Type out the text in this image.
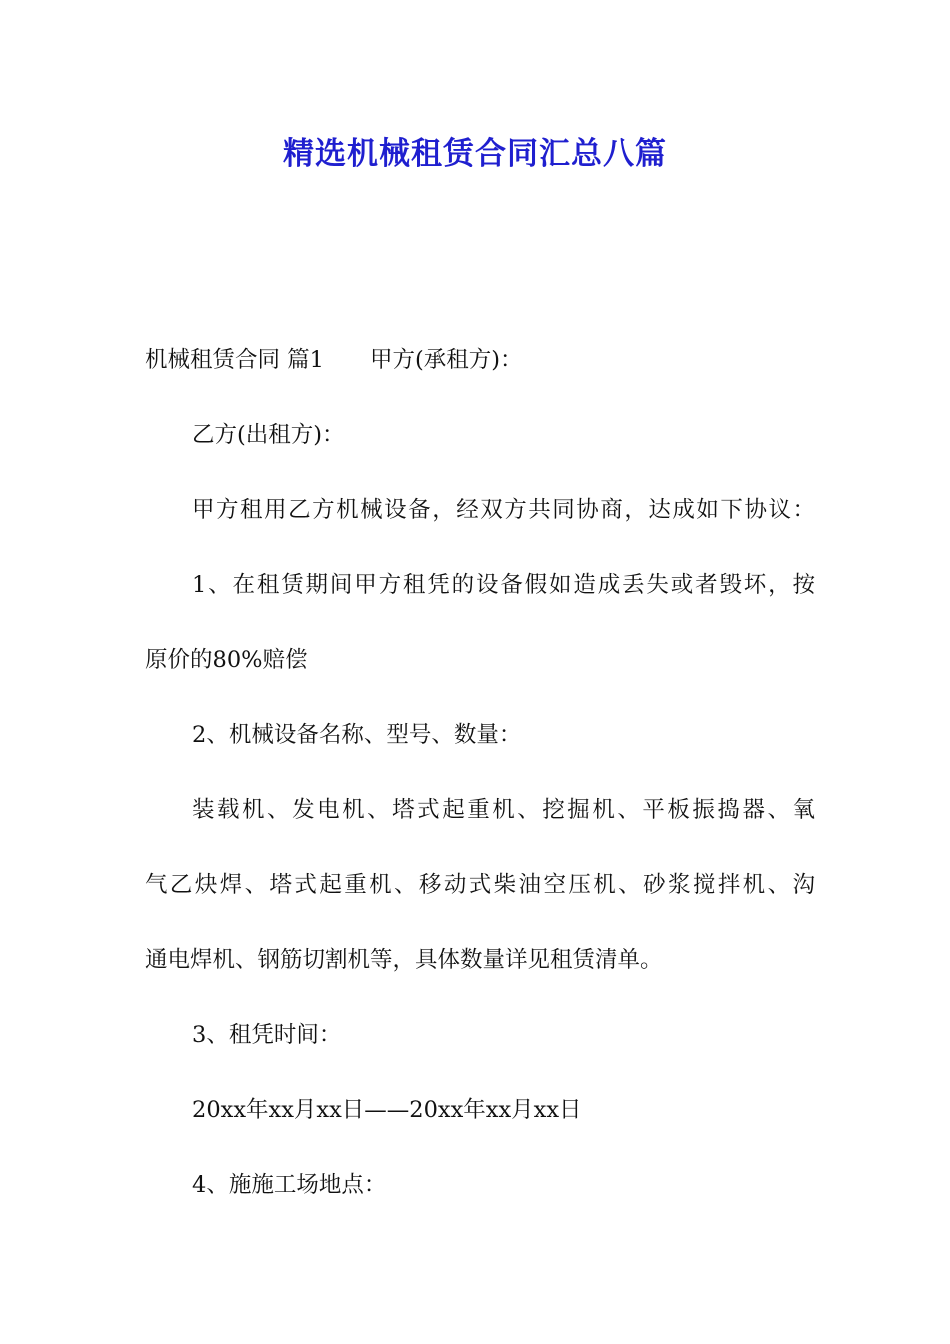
精选机械租赁合同汇总八篇
机械租赁合同 篇1 甲方(承租方)：
乙方(出租方)：
甲方租用乙方机械设备，经双方共同协商，达成如下协议：
1、在租赁期间甲方租凭的设备假如造成丢失或者毁坏，按
原价的80%赔偿
2、机械设备名称、型号、数量：
装载机、发电机、塔式起重机、挖掘机、平板振捣器、氧
气乙炔焊、塔式起重机、移动式柴油空压机、砂浆搅拌机、沟
通电焊机、钢筋切割机等，具体数量详见租赁清单。
3、租凭时间：
20xx年xx月xx日——20xx年xx月xx日
4、施施工场地点：
